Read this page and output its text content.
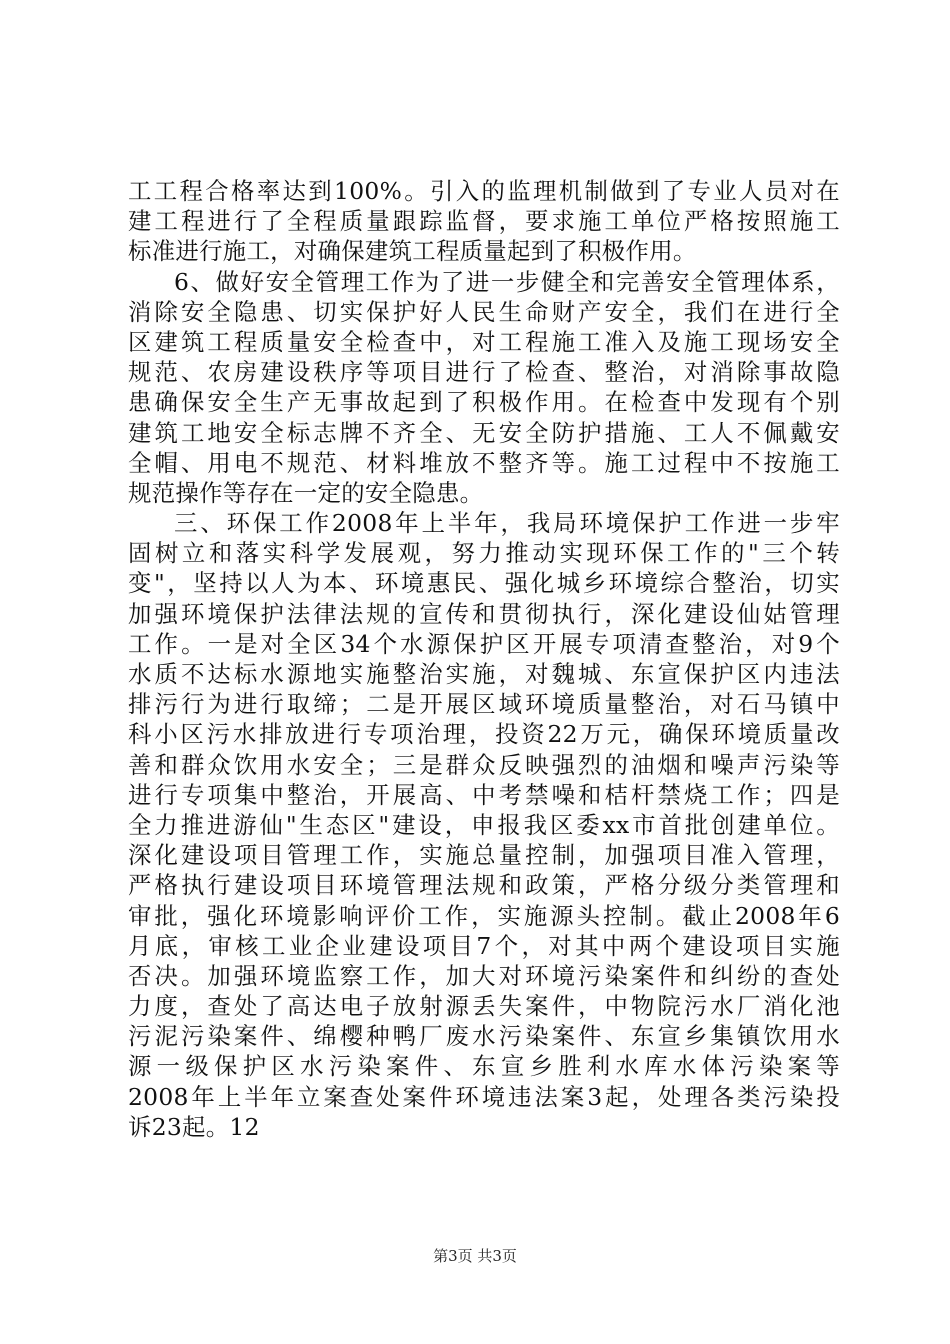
工工程合格率达到100%。引入的监理机制做到了专业人员对在
建工程进行了全程质量跟踪监督，要求施工单位严格按照施工
标准进行施工，对确保建筑工程质量起到了积极作用。
6、做好安全管理工作为了进一步健全和完善安全管理体系，
消除安全隐患、切实保护好人民生命财产安全，我们在进行全
区建筑工程质量安全检查中，对工程施工准入及施工现场安全
规范、农房建设秩序等项目进行了检查、整治，对消除事故隐
患确保安全生产无事故起到了积极作用。在检查中发现有个别
建筑工地安全标志牌不齐全、无安全防护措施、工人不佩戴安
全帽、用电不规范、材料堆放不整齐等。施工过程中不按施工
规范操作等存在一定的安全隐患。
三、环保工作2008年上半年，我局环境保护工作进一步牢
固树立和落实科学发展观，努力推动实现环保工作的"三个转
变"，坚持以人为本、环境惠民、强化城乡环境综合整治，切实
加强环境保护法律法规的宣传和贯彻执行，深化建设仙姑管理
工作。一是对全区34个水源保护区开展专项清查整治，对9个
水质不达标水源地实施整治实施，对魏城、东宣保护区内违法
排污行为进行取缔；二是开展区域环境质量整治，对石马镇中
科小区污水排放进行专项治理，投资22万元，确保环境质量改
善和群众饮用水安全；三是群众反映强烈的油烟和噪声污染等
进行专项集中整治，开展高、中考禁噪和桔杆禁烧工作；四是
全力推进游仙"生态区"建设，申报我区委xx市首批创建单位。
深化建设项目管理工作，实施总量控制，加强项目准入管理，
严格执行建设项目环境管理法规和政策，严格分级分类管理和
审批，强化环境影响评价工作，实施源头控制。截止2008年6
月底，审核工业企业建设项目7个，对其中两个建设项目实施
否决。加强环境监察工作，加大对环境污染案件和纠纷的查处
力度，查处了高达电子放射源丢失案件，中物院污水厂消化池
污泥污染案件、绵樱种鸭厂废水污染案件、东宣乡集镇饮用水
源一级保护区水污染案件、东宣乡胜利水库水体污染案等
2008年上半年立案查处案件环境违法案3起，处理各类污染投
诉23起。12
第3页 共3页
